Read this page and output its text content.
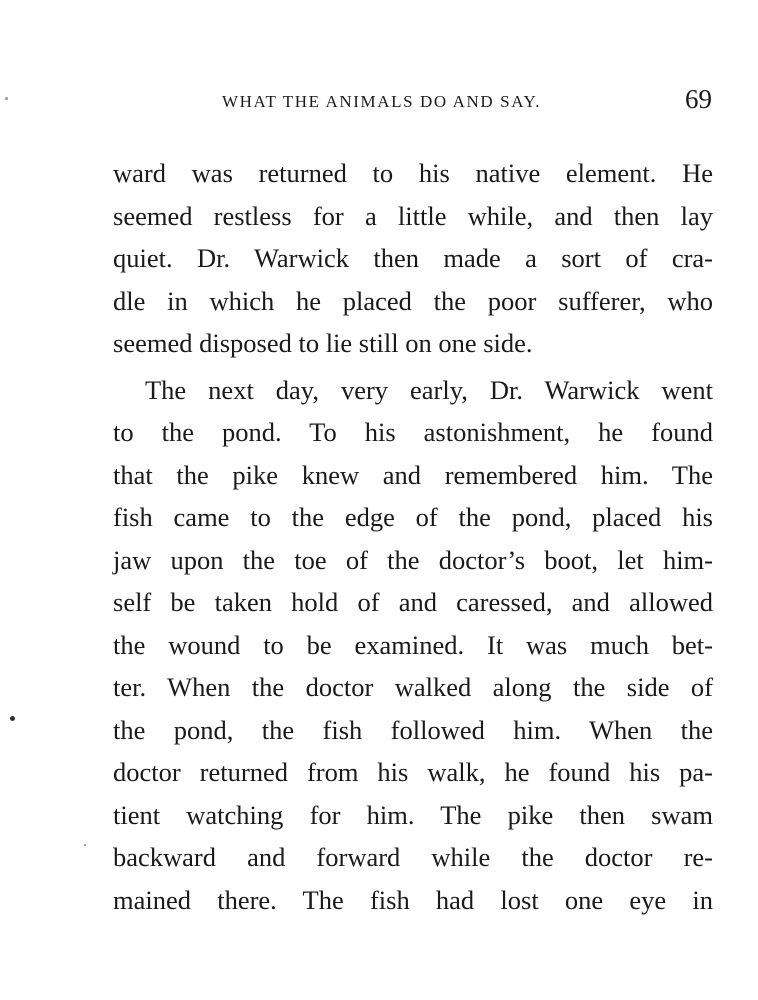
WHAT THE ANIMALS DO AND SAY.	69
ward was returned to his native element. He
seemed restless for a little while, and then lay
quiet. Dr. Warwick then made a sort of cra-
dle in which he placed the poor sufferer, who
seemed disposed to lie still on one side.
The next day, very early, Dr. Warwick went
to the pond. To his astonishment, he found
that the pike knew and remembered him. The
fish came to the edge of the pond, placed his
jaw upon the toe of the doctor’s boot, let him-
self be taken hold of and caressed, and allowed
the wound to be examined. It was much bet-
ter. When the doctor walked along the side of
the pond, the fish followed him. When the
doctor returned from his walk, he found his pa-
tient watching for him. The pike then swam
backward and forward while the doctor re-
mained there. The fish had lost one eye in
